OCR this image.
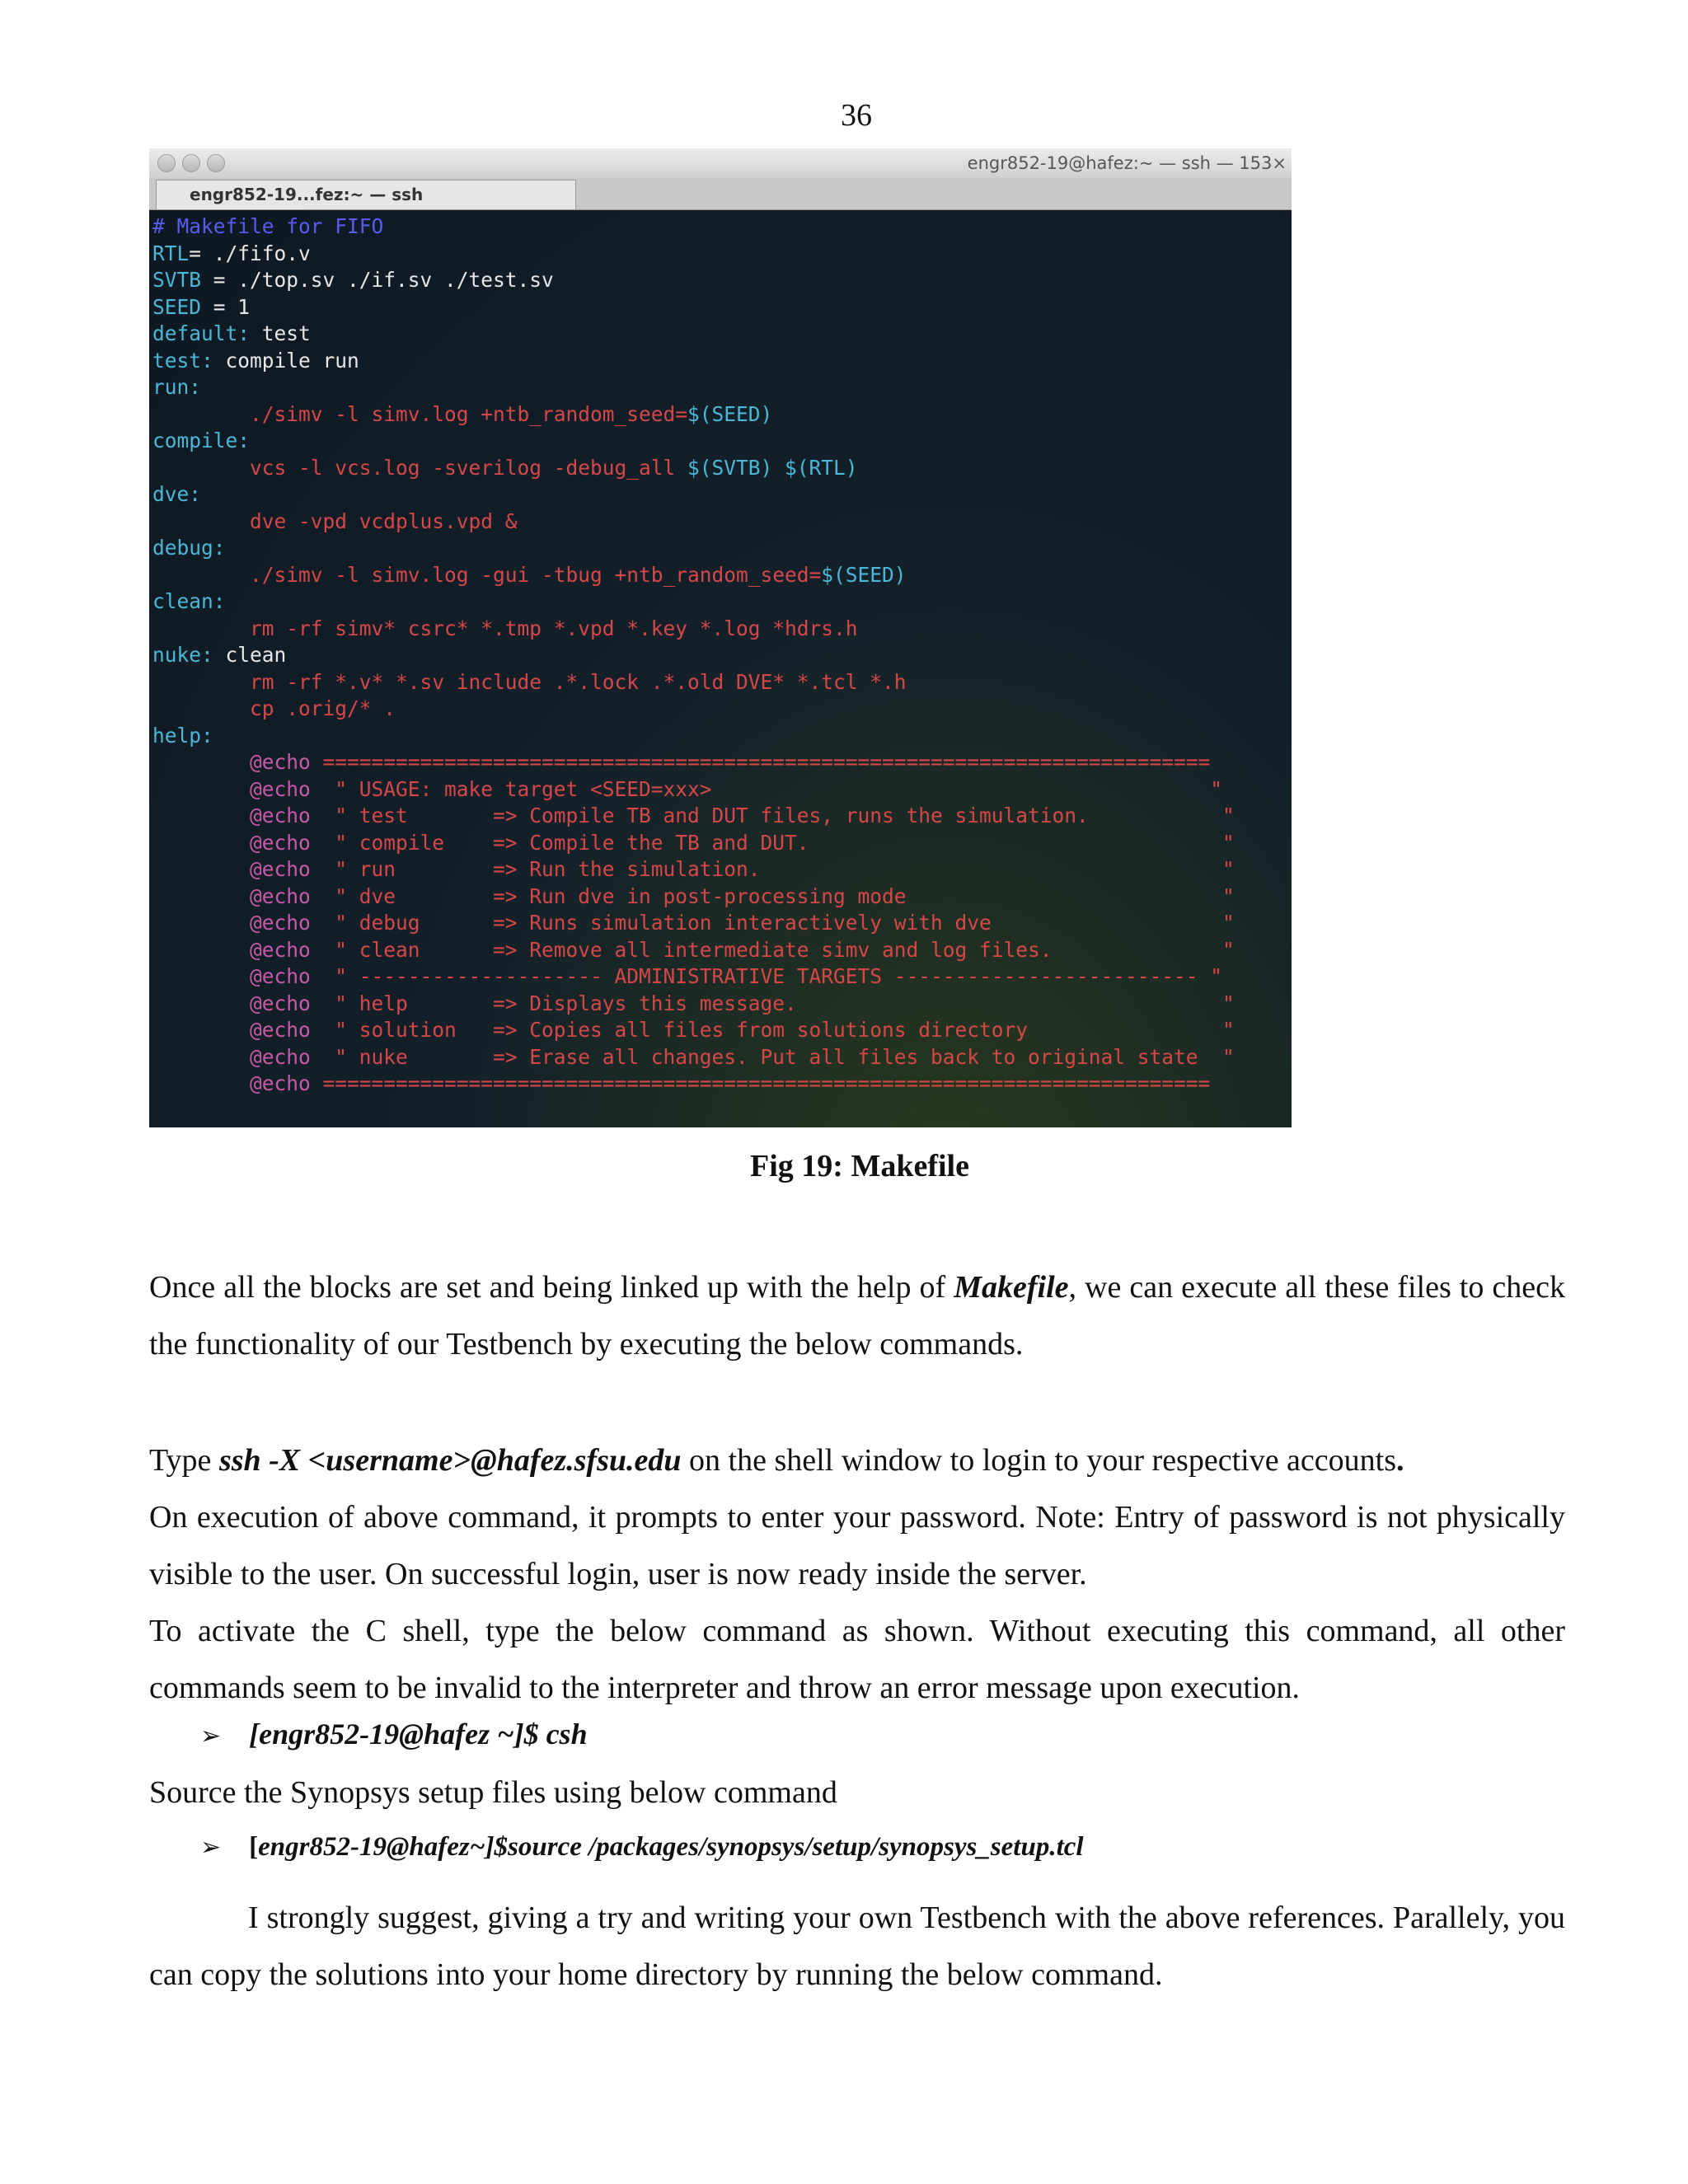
36
engr852-19@hafez:~ — ssh — 153×
engr852-19...fez:~ — ssh
# Makefile for FIFO
RTL= ./fifo.v
SVTB = ./top.sv ./if.sv ./test.sv
SEED = 1
default: test
test: compile run
run:
./simv -l simv.log +ntb_random_seed=$(SEED)
compile:
vcs -l vcs.log -sverilog -debug_all $(SVTB) $(RTL)
dve:
dve -vpd vcdplus.vpd &
debug:
./simv -l simv.log -gui -tbug +ntb_random_seed=$(SEED)
clean:
rm -rf simv* csrc* *.tmp *.vpd *.key *.log *hdrs.h
nuke: clean
rm -rf *.v* *.sv include .*.lock .*.old DVE* *.tcl *.h
cp .orig/* .
help:
@echo =========================================================================
@echo  " USAGE: make target <SEED=xxx>                                         "
@echo  " test       => Compile TB and DUT files, runs the simulation.           "
@echo  " compile    => Compile the TB and DUT.                                  "
@echo  " run        => Run the simulation.                                      "
@echo  " dve        => Run dve in post-processing mode                          "
@echo  " debug      => Runs simulation interactively with dve                   "
@echo  " clean      => Remove all intermediate simv and log files.              "
@echo  " -------------------- ADMINISTRATIVE TARGETS ------------------------- "
@echo  " help       => Displays this message.                                   "
@echo  " solution   => Copies all files from solutions directory                "
@echo  " nuke       => Erase all changes. Put all files back to original state  "
@echo =========================================================================
Fig 19: Makefile
Once all the blocks are set and being linked up with the help of Makefile, we can execute all these files to check the functionality of our Testbench by executing the below commands.
Type ssh -X <username>@hafez.sfsu.edu on the shell window to login to your respective accounts.
On execution of above command, it prompts to enter your password. Note: Entry of password is not physically visible to the user. On successful login, user is now ready inside the server.
To activate the C shell, type the below command as shown. Without executing this command, all other commands seem to be invalid to the interpreter and throw an error message upon execution.
➢ [engr852-19@hafez ~]$ csh
Source the Synopsys setup files using below command
➢ [engr852-19@hafez~]$source /packages/synopsys/setup/synopsys_setup.tcl
I strongly suggest, giving a try and writing your own Testbench with the above references. Parallely, you can copy the solutions into your home directory by running the below command.
